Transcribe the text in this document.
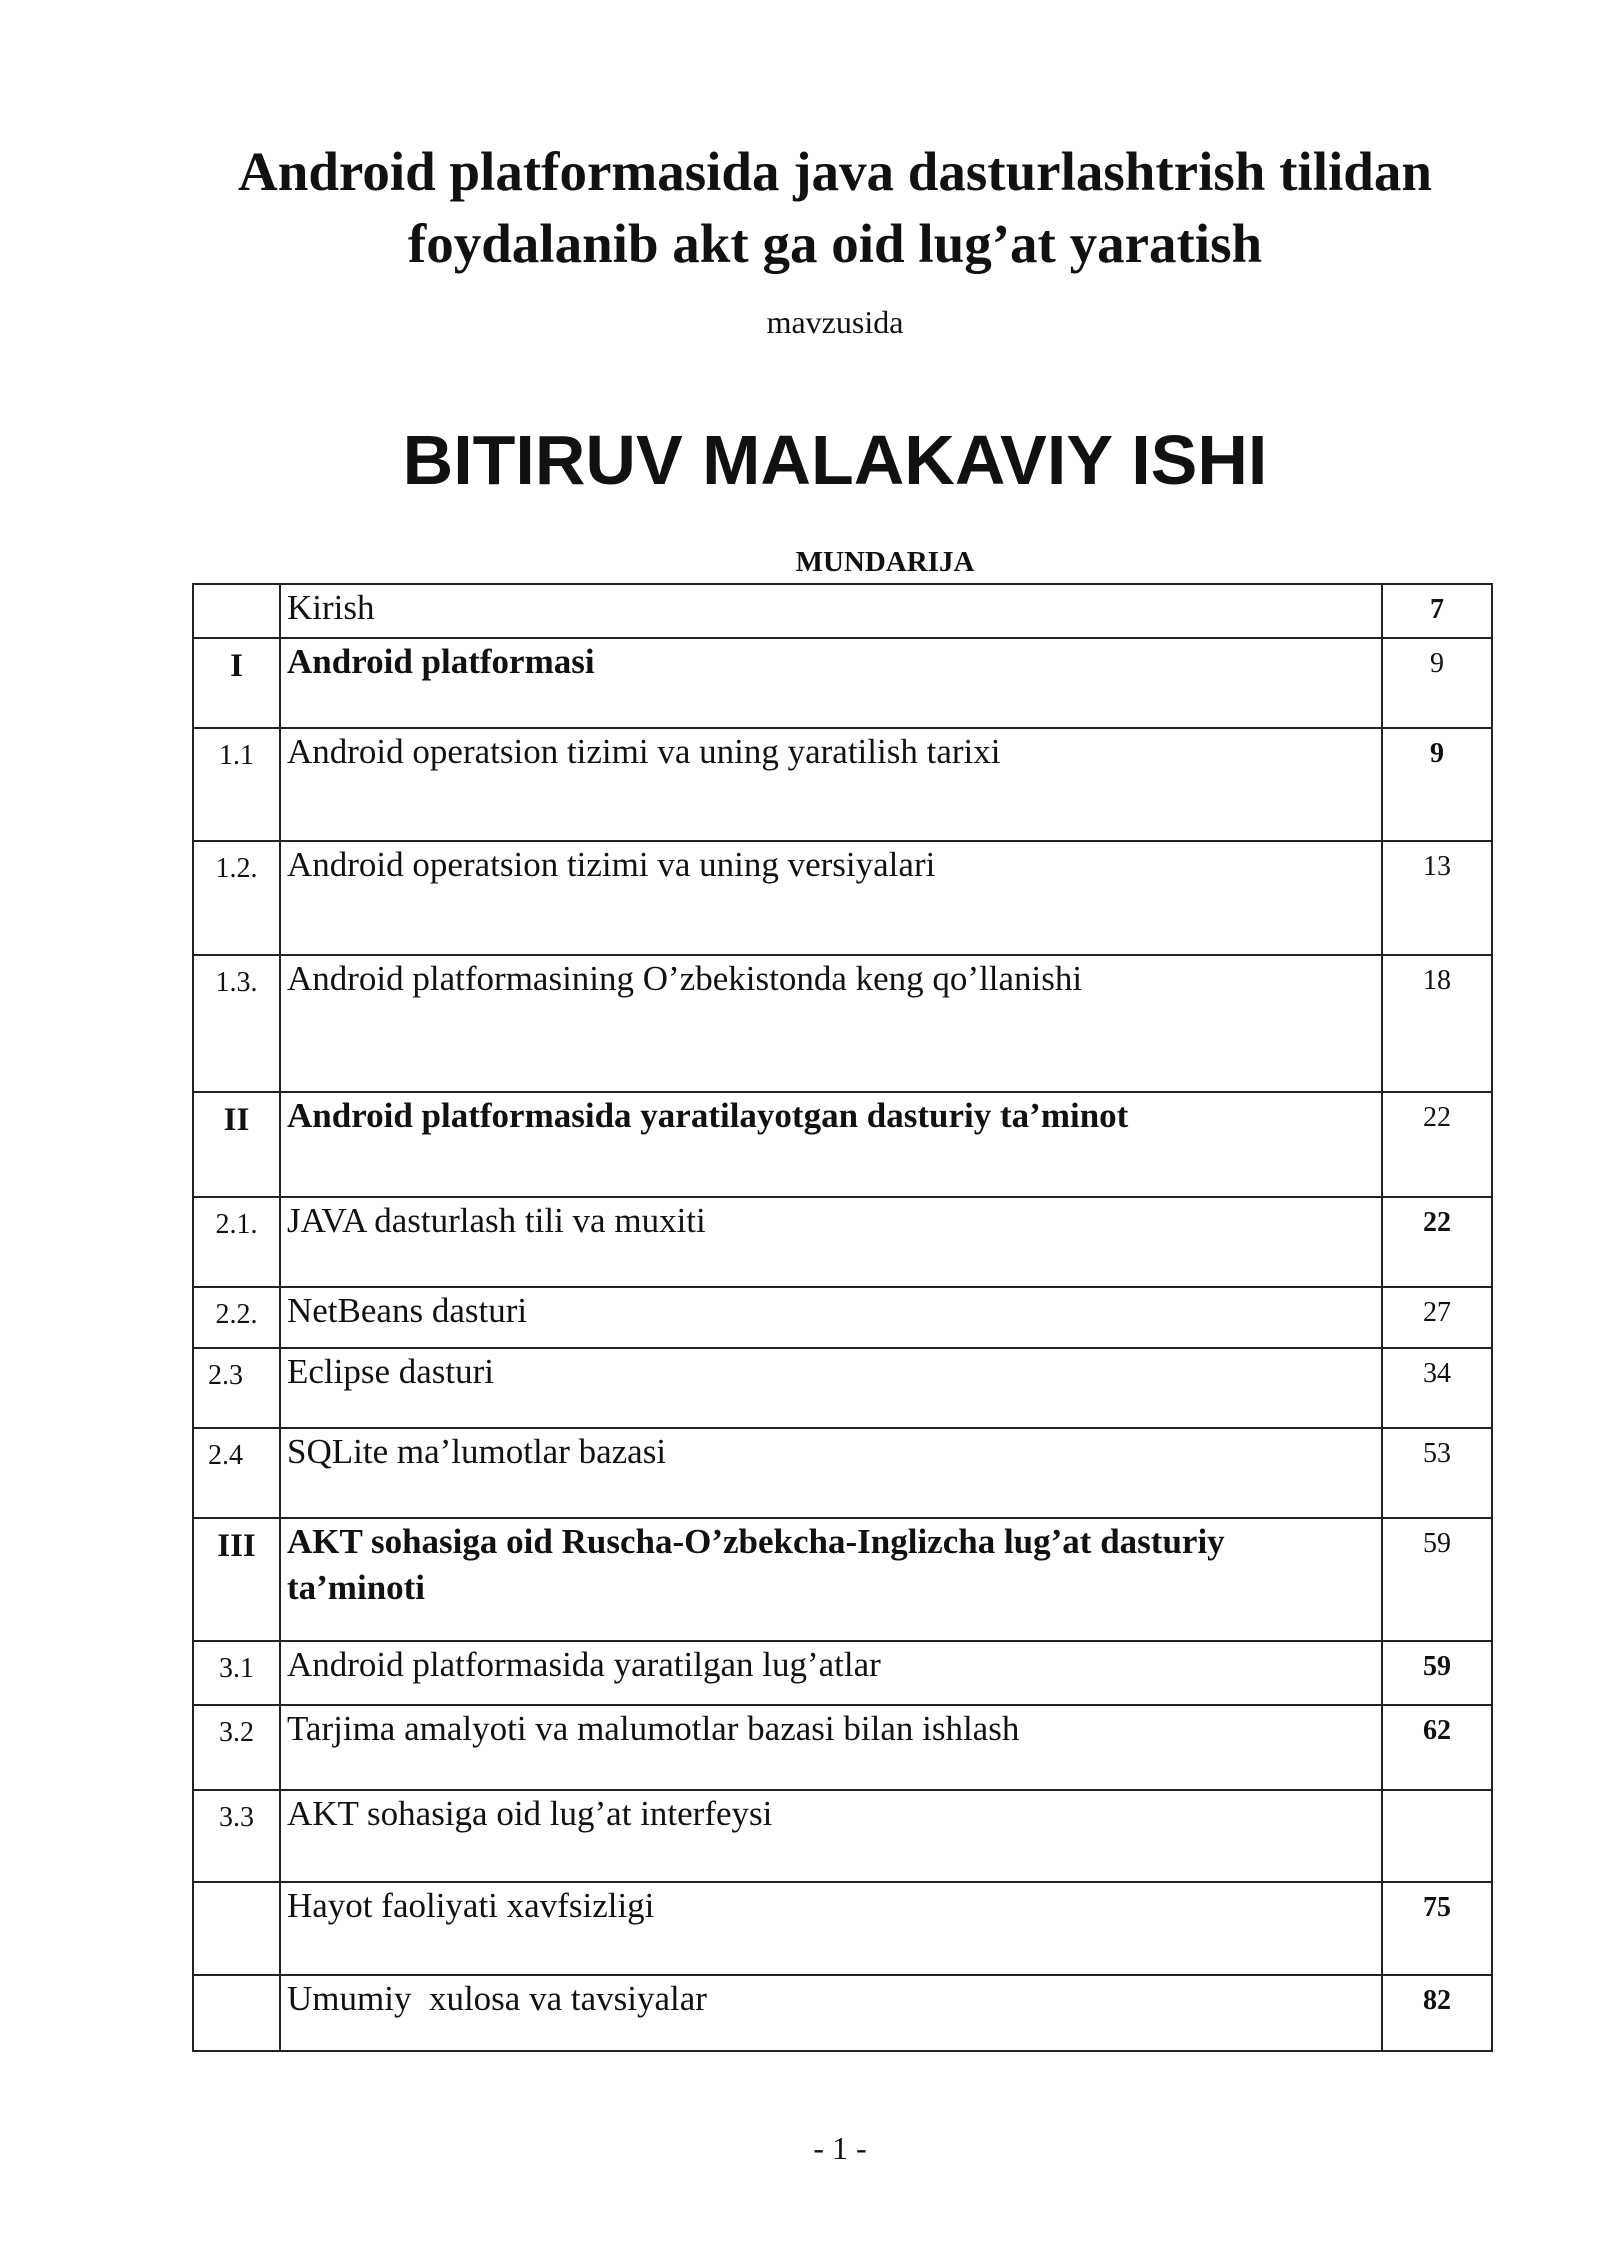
Android platformasida java dasturlashtrish tilidan foydalanib akt ga oid lug’at yaratish
mavzusida
BITIRUV MALAKAVIY ISHI
MUNDARIJA
	Kirish	7
I	Android platformasi	9
1.1	Android operatsion tizimi va uning yaratilish tarixi	9
1.2.	Android operatsion tizimi va uning versiyalari	13
1.3.	Android platformasining O’zbekistonda keng qo’llanishi	18
II	Android platformasida yaratilayotgan dasturiy ta’minot	22
2.1.	JAVA dasturlash tili va muxiti	22
2.2.	NetBeans dasturi	27
2.3	Eclipse dasturi	34
2.4	SQLite ma’lumotlar bazasi	53
III	AKT sohasiga oid Ruscha-O’zbekcha-Inglizcha lug’at dasturiy ta’minoti	59
3.1	Android platformasida yaratilgan lug’atlar	59
3.2	Tarjima amalyoti va malumotlar bazasi bilan ishlash	62
3.3	AKT sohasiga oid lug’at interfeysi	
	Hayot faoliyati xavfsizligi	75
	Umumiy  xulosa va tavsiyalar	82
- 1 -
